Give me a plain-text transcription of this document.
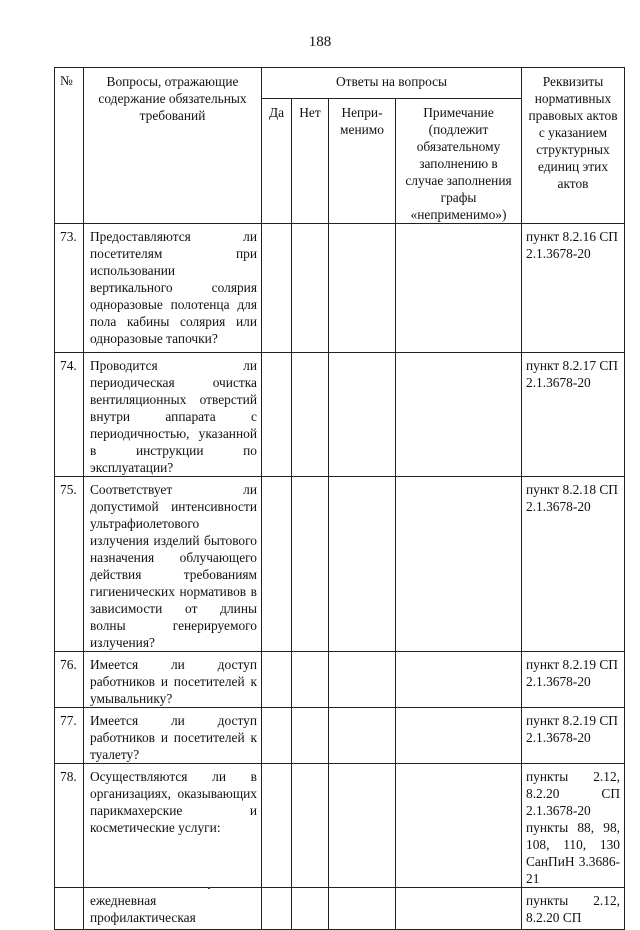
188
№	Вопросы, отражающие содержание обязательных требований	Ответы на вопросы				Реквизиты нормативных правовых актов с указанием структурных единиц этих актов

		Да	Нет	Непри-менимо	Примечание (подлежит обязательному заполнению в случае заполнения графы «неприменимо»)	

73.	Предоставляются ли посетителям при использовании вертикального солярия одноразовые полотенца для пола кабины солярия или одноразовые тапочки?					пункт 8.2.16 СП 2.1.3678-20
74.	Проводится ли периодическая очистка вентиляционных отверстий внутри аппарата с периодичностью, указанной в инструкции по эксплуатации?					пункт 8.2.17 СП 2.1.3678-20
75.	Соответствует ли допустимой интенсивности ультрафиолетового излучения изделий бытового назначения облучающего действия требованиям гигиенических нормативов в зависимости от длины волны генерируемого излучения?					пункт 8.2.18 СП 2.1.3678-20
76.	Имеется ли доступ работников и посетителей к умывальнику?					пункт 8.2.19 СП 2.1.3678-20
77.	Имеется ли доступ работников и посетителей к туалету?					пункт 8.2.19 СП 2.1.3678-20
78.	Осуществляются ли в организациях, оказывающих парикмахерские и косметические услуги:					пункты 2.12, 8.2.20 СП 2.1.3678-20
пункты 88, 98, 108, 110, 130 СанПиН 3.3686-21

	ежедневная профилактическая					пункты 2.12, 8.2.20 СП
